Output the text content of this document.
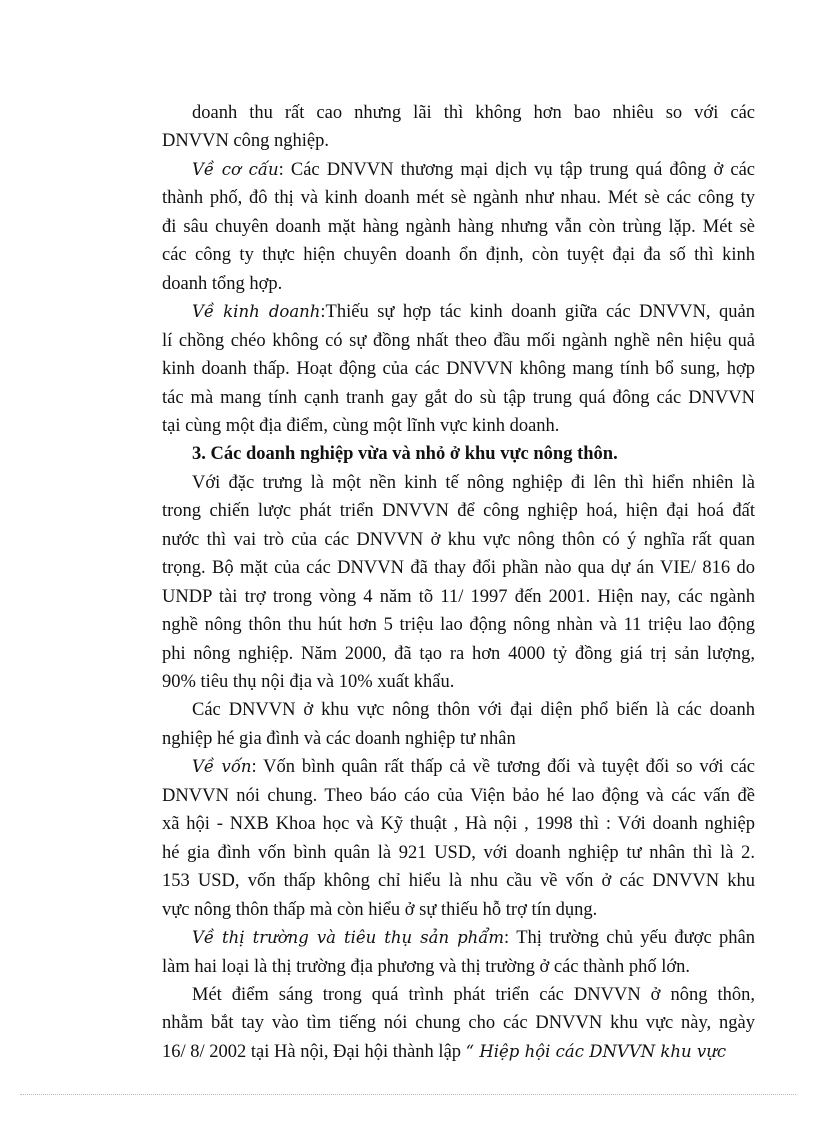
doanh thu rất cao nhưng lãi thì không hơn bao nhiêu so với các
DNVVN công nghiệp.
Về cơ cấu: Các DNVVN thương mại dịch vụ tập trung quá đông ở các
thành phố, đô thị và kinh doanh mét sè ngành như nhau. Mét sè các công ty
đi sâu chuyên doanh mặt hàng ngành hàng nhưng vẫn còn trùng lặp. Mét sè
các công ty thực hiện chuyên doanh ổn định, còn tuyệt đại đa số thì kinh
doanh tổng hợp.
Về kinh doanh:Thiếu sự hợp tác kinh doanh giữa các DNVVN, quản
lí chồng chéo không có sự đồng nhất theo đầu mối ngành nghề nên hiệu quả
kinh doanh thấp. Hoạt động của các DNVVN không mang tính bổ sung, hợp
tác mà mang tính cạnh tranh gay gắt do sù tập trung quá đông các DNVVN
tại cùng một địa điểm, cùng một lĩnh vực kinh doanh.
3. Các doanh nghiệp vừa và nhỏ ở khu vực nông thôn.
Với đặc trưng là một nền kinh tế nông nghiệp đi lên thì hiển nhiên là
trong chiến lược phát triển DNVVN để công nghiệp hoá, hiện đại hoá đất
nước thì vai trò của các DNVVN ở khu vực nông thôn có ý nghĩa rất quan
trọng. Bộ mặt của các DNVVN đã thay đổi phần nào qua dự án VIE/ 816 do
UNDP tài trợ trong vòng 4 năm tõ 11/ 1997 đến 2001. Hiện nay, các ngành
nghề nông thôn thu hút hơn 5 triệu lao động nông nhàn và 11 triệu lao động
phi nông nghiệp. Năm 2000, đã tạo ra hơn 4000 tỷ đồng giá trị sản lượng,
90% tiêu thụ nội địa và 10% xuất khẩu.
Các DNVVN ở khu vực nông thôn với đại diện phổ biến là các doanh
nghiệp hé gia đình và các doanh nghiệp tư nhân
Về vốn: Vốn bình quân rất thấp cả về tương đối và tuyệt đối so với các
DNVVN nói chung. Theo báo cáo của Viện bảo hé lao động và các vấn đề
xã hội - NXB Khoa học và Kỹ thuật , Hà nội , 1998 thì : Với doanh nghiệp
hé gia đình vốn bình quân là 921 USD, với doanh nghiệp tư nhân thì là 2.
153 USD, vốn thấp không chỉ hiểu là nhu cầu về vốn ở các DNVVN khu
vực nông thôn thấp mà còn hiểu ở sự thiếu hỗ trợ tín dụng.
Về thị trường và tiêu thụ sản phẩm: Thị trường chủ yếu được phân
làm hai loại là thị trường địa phương và thị trường ở các thành phố lớn.
Mét điểm sáng trong quá trình phát triển các DNVVN ở nông thôn,
nhằm bắt tay vào tìm tiếng nói chung cho các DNVVN khu vực này, ngày
16/ 8/ 2002 tại Hà nội, Đại hội thành lập “ Hiệp hội các DNVVN khu vực
